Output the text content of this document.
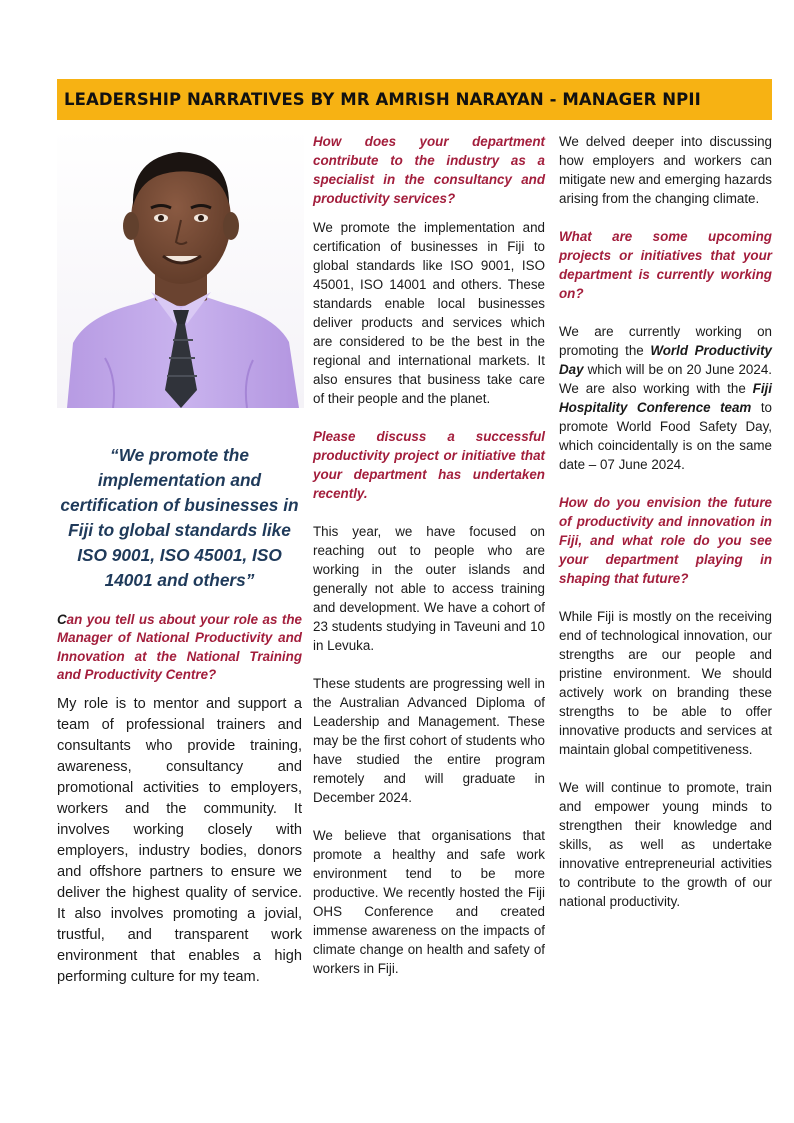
LEADERSHIP NARRATIVES BY MR AMRISH NARAYAN - MANAGER NPII

“We promote the implementation and certification of businesses in Fiji to global standards like ISO 9001, ISO 45001, ISO 14001 and others”

Can you tell us about your role as the Manager of National Productivity and Innovation at the National Training and Productivity Centre?

My role is to mentor and support a team of professional trainers and consultants who provide training, awareness, consultancy and promotional activities to employers, workers and the community. It involves working closely with employers, industry bodies, donors and offshore partners to ensure we deliver the highest quality of service. It also involves promoting a jovial, trustful, and transparent work environment that enables a high performing culture for my team.

How does your department contribute to the industry as a specialist in the consultancy and productivity services?

We promote the implementation and certification of businesses in Fiji to global standards like ISO 9001, ISO 45001, ISO 14001 and others. These standards enable local businesses deliver products and services which are considered to be the best in the regional and international markets. It also ensures that business take care of their people and the planet.

Please discuss a successful productivity project or initiative that your department has undertaken recently.

This year, we have focused on reaching out to people who are working in the outer islands and generally not able to access training and development. We have a cohort of 23 students studying in Taveuni and 10 in Levuka.

These students are progressing well in the Australian Advanced Diploma of Leadership and Management. These may be the first cohort of students who have studied the entire program remotely and will graduate in December 2024.

We believe that organisations that promote a healthy and safe work environment tend to be more productive. We recently hosted the Fiji OHS Conference and created immense awareness on the impacts of climate change on health and safety of workers in Fiji.

We delved deeper into discussing how employers and workers can mitigate new and emerging hazards arising from the changing climate.

What are some upcoming projects or initiatives that your department is currently working on?

We are currently working on promoting the World Productivity Day which will be on 20 June 2024. We are also working with the Fiji Hospitality Conference team to promote World Food Safety Day, which coincidentally is on the same date – 07 June 2024.

How do you envision the future of productivity and innovation in Fiji, and what role do you see your department playing in shaping that future?

While Fiji is mostly on the receiving end of technological innovation, our strengths are our people and pristine environment. We should actively work on branding these strengths to be able to offer innovative products and services at maintain global competitiveness.

We will continue to promote, train and empower young minds to strengthen their knowledge and skills, as well as undertake innovative entrepreneurial activities to contribute to the growth of our national productivity.
